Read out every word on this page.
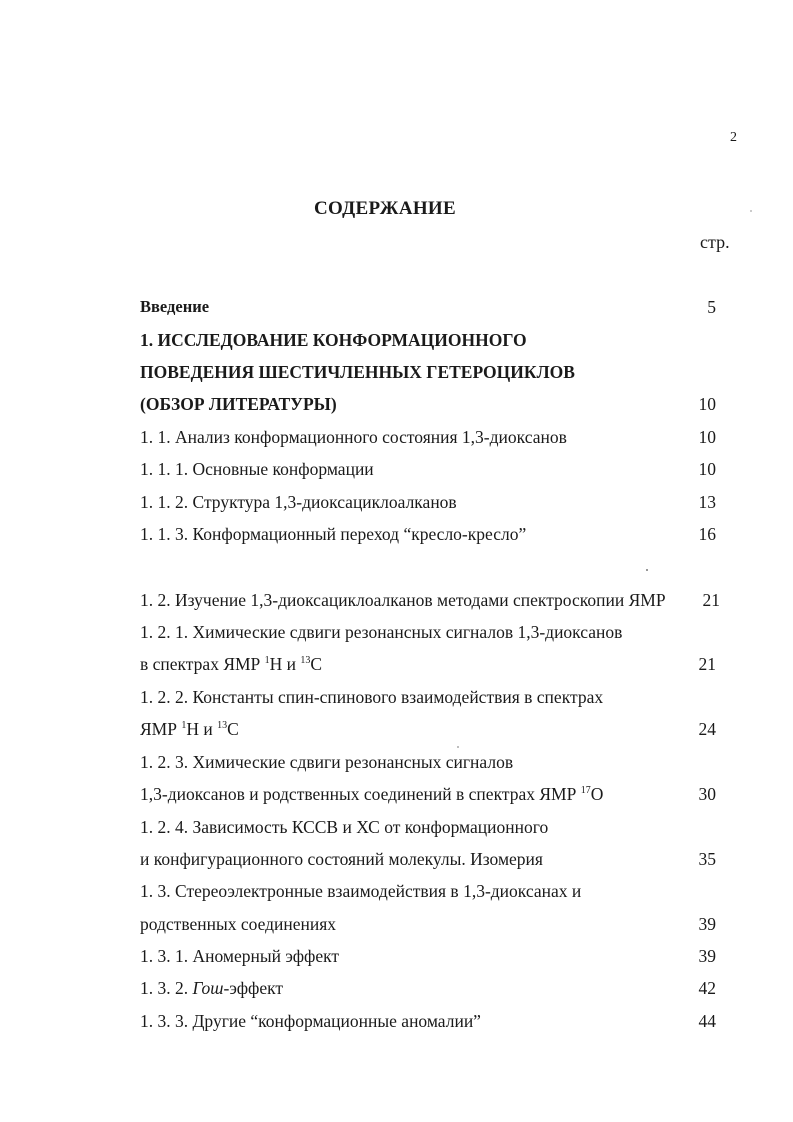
2
СОДЕРЖАНИЕ
стр.
Введение	5
1. ИССЛЕДОВАНИЕ КОНФОРМАЦИОННОГО
ПОВЕДЕНИЯ ШЕСТИЧЛЕННЫХ ГЕТЕРОЦИКЛОВ
(ОБЗОР ЛИТЕРАТУРЫ)	10
1. 1. Анализ конформационного состояния 1,3-диоксанов	10
1. 1. 1. Основные конформации	10
1. 1. 2. Структура 1,3-диоксациклоалканов	13
1. 1. 3. Конформационный переход “кресло-кресло”	16
1. 2. Изучение 1,3-диоксациклоалканов методами спектроскопии ЯМР 21
1. 2. 1. Химические сдвиги резонансных сигналов 1,3-диоксанов
в спектрах ЯМР $^1$Н и $^{13}$С	21
1. 2. 2. Константы спин-спинового взаимодействия в спектрах
ЯМР $^1$Н и $^{13}$С	24
1. 2. 3. Химические сдвиги резонансных сигналов
1,3-диоксанов и родственных соединений в спектрах ЯМР $^{17}$О	30
1. 2. 4. Зависимость КССВ и ХС от конформационного
и конфигурационного состояний молекулы. Изомерия	35
1. 3. Стереоэлектронные взаимодействия в 1,3-диоксанах и
родственных соединениях	39
1. 3. 1. Аномерный эффект	39
1. 3. 2. Гош-эффект	42
1. 3. 3. Другие “конформационные аномалии”	44
